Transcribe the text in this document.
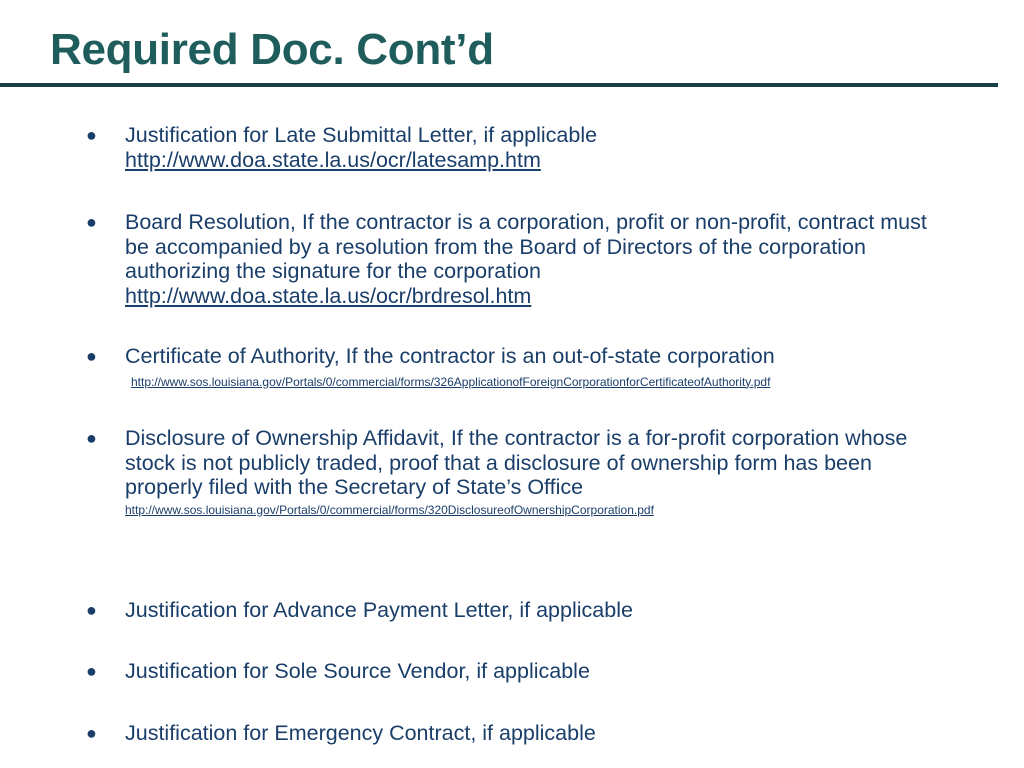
Required Doc. Cont’d
● Justification for Late Submittal Letter, if applicable

http://www.doa.state.la.us/ocr/latesamp.htm
● Board Resolution, If the contractor is a corporation, profit or non-profit, contract must be accompanied by a resolution from the Board of Directors of the corporation authorizing the signature for the corporation http://www.doa.state.la.us/ocr/brdresol.htm
● Certificate of Authority, If the contractor is an out-of-state corporation

http://www.sos.louisiana.gov/Portals/0/commercial/forms/326ApplicationofForeignCorporationforCertificateofAuthority.pdf
● Disclosure of Ownership Affidavit, If the contractor is a for-profit corporation whose stock is not publicly traded, proof that a disclosure of ownership form has been properly filed with the Secretary of State’s Office

http://www.sos.louisiana.gov/Portals/0/commercial/forms/320DisclosureofOwnershipCorporation.pdf
● Justification for Advance Payment Letter, if applicable

● Justification for Sole Source Vendor, if applicable

● Justification for Emergency Contract, if applicable
